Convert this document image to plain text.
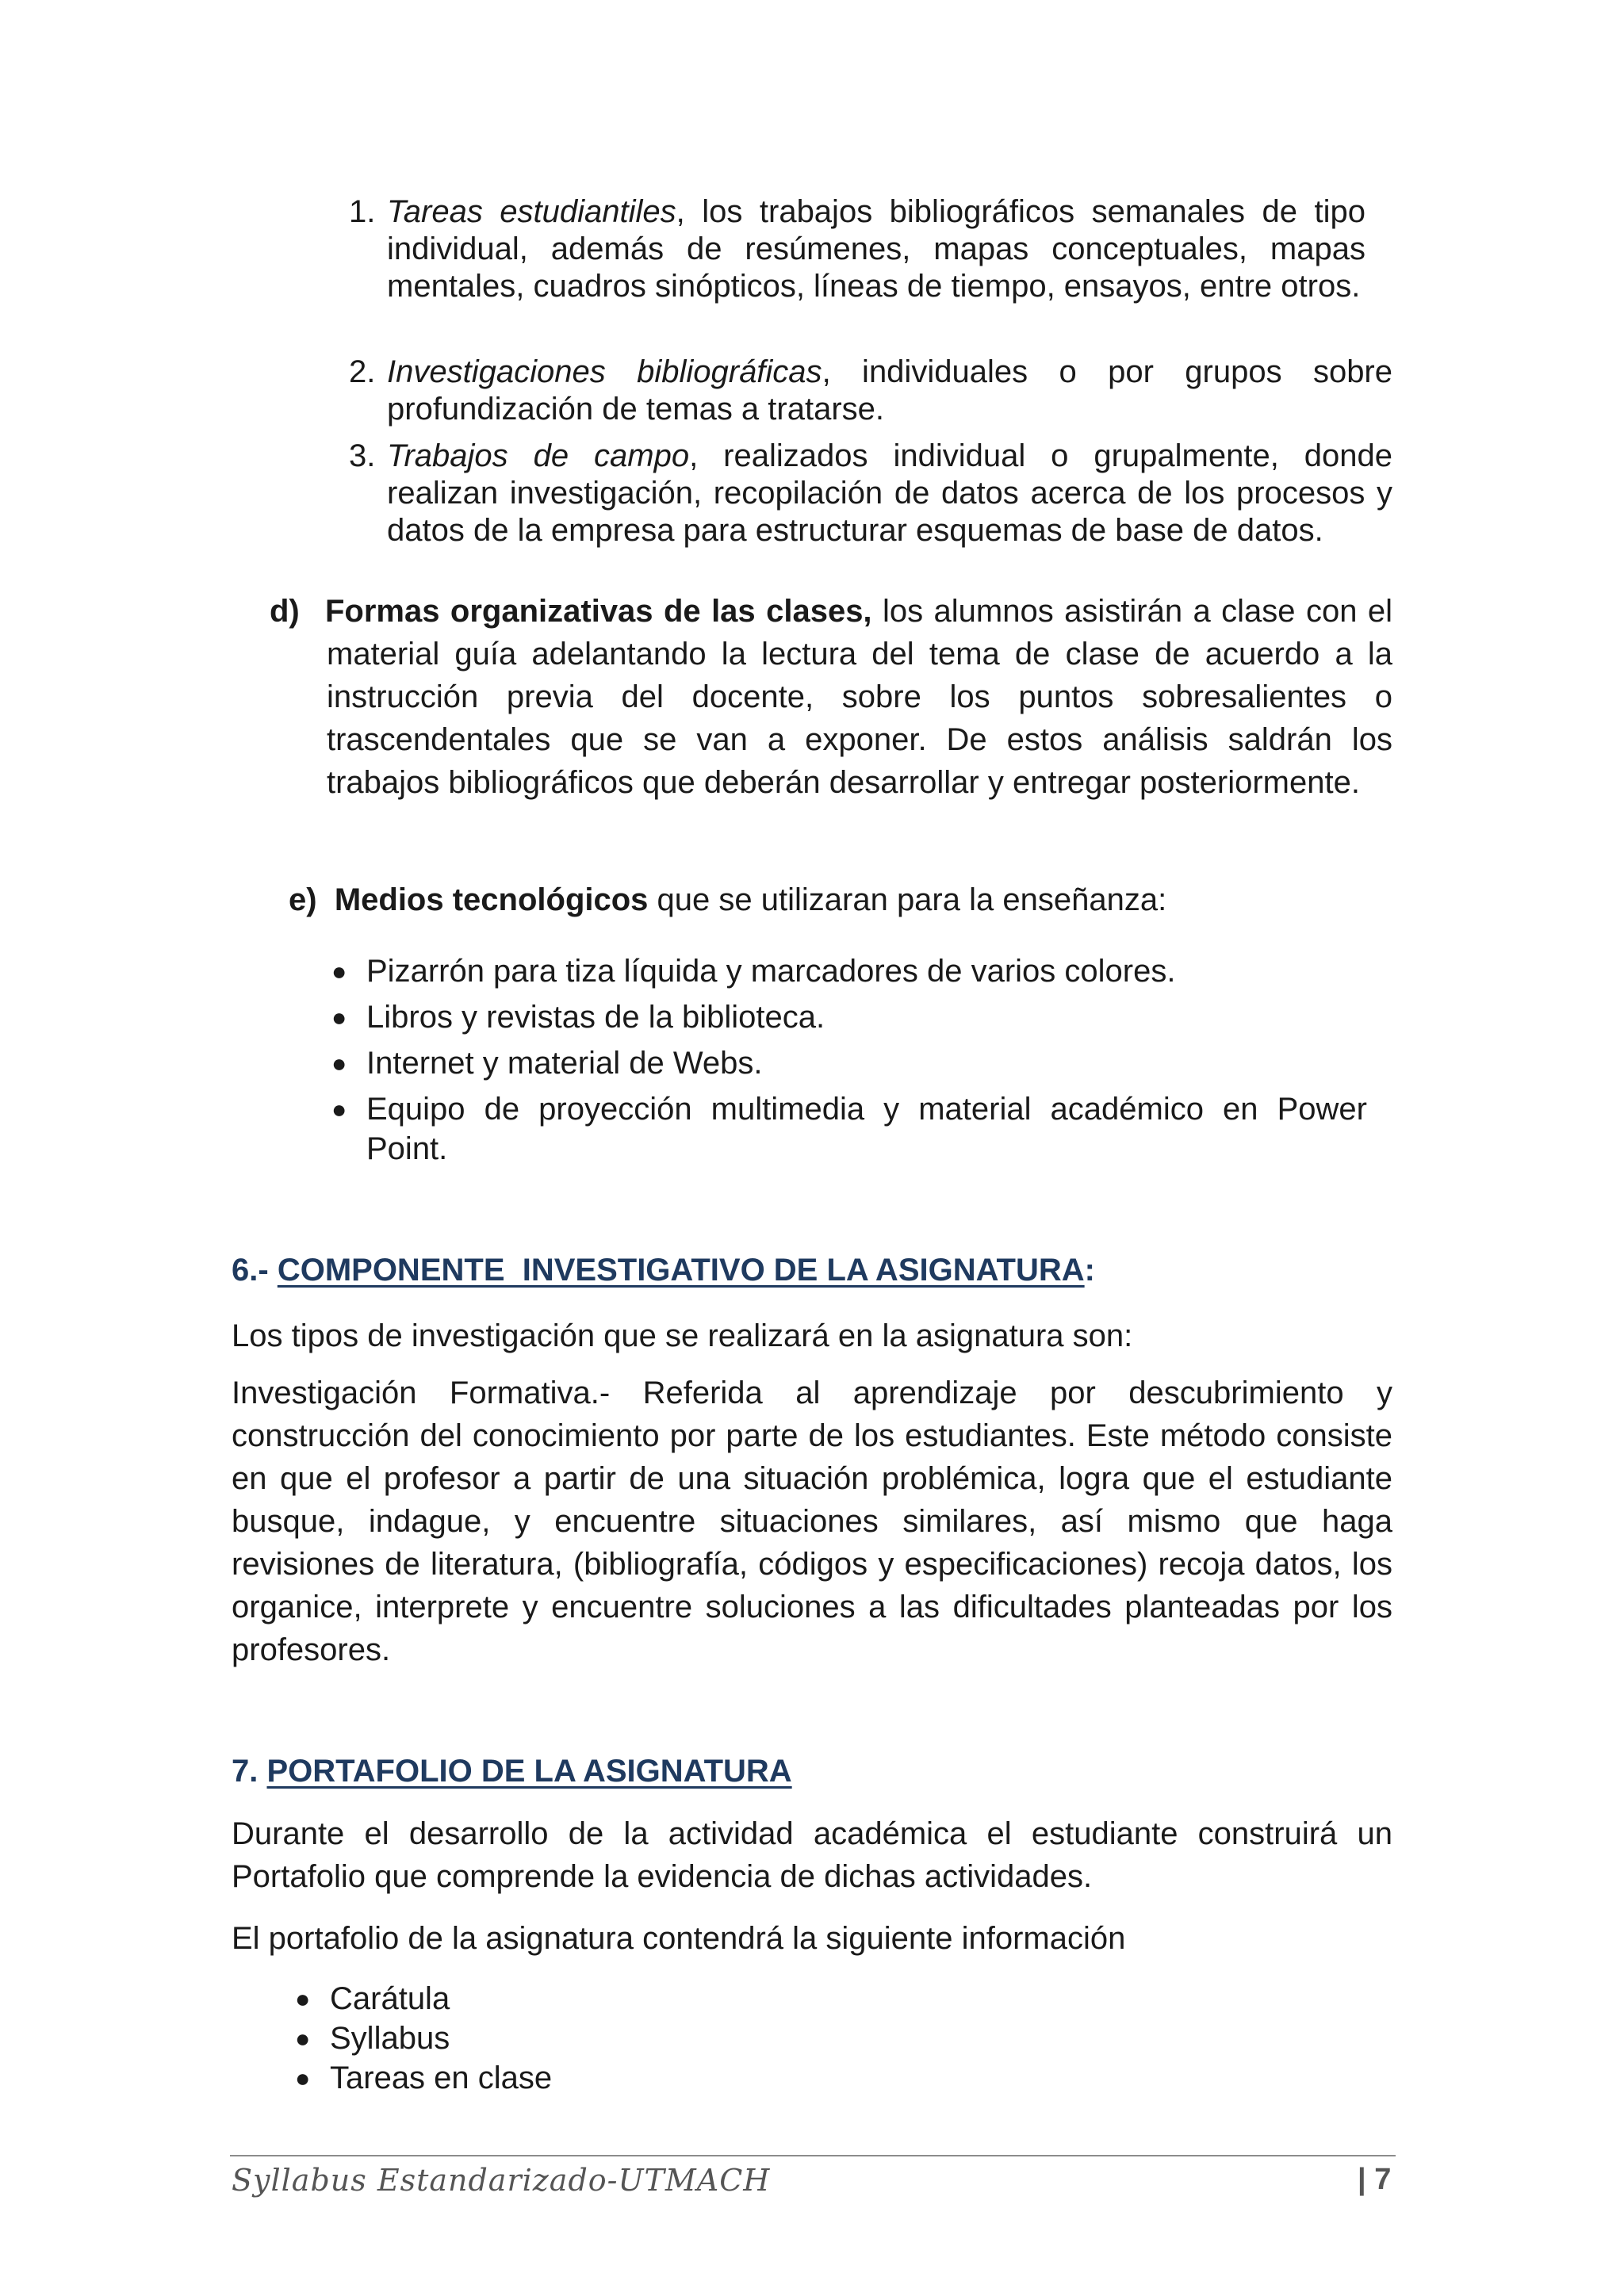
1. Tareas estudiantiles, los trabajos bibliográficos semanales de tipo individual, además de resúmenes, mapas conceptuales, mapas mentales, cuadros sinópticos, líneas de tiempo, ensayos, entre otros.
2. Investigaciones bibliográficas, individuales o por grupos sobre profundización de temas a tratarse.
3. Trabajos de campo, realizados individual o grupalmente, donde realizan investigación, recopilación de datos acerca de los procesos y datos de la empresa para estructurar esquemas de base de datos.
d) Formas organizativas de las clases, los alumnos asistirán a clase con el material guía adelantando la lectura del tema de clase de acuerdo a la instrucción previa del docente, sobre los puntos sobresalientes o trascendentales que se van a exponer. De estos análisis saldrán los trabajos bibliográficos que deberán desarrollar y entregar posteriormente.
e) Medios tecnológicos que se utilizaran para la enseñanza:
● Pizarrón para tiza líquida y marcadores de varios colores.
● Libros y revistas de la biblioteca.
● Internet y material de Webs.
● Equipo de proyección multimedia y material académico en Power Point.
6.- COMPONENTE  INVESTIGATIVO DE LA ASIGNATURA:

Los tipos de investigación que se realizará en la asignatura son:

Investigación Formativa.- Referida al aprendizaje por descubrimiento y construcción del conocimiento por parte de los estudiantes. Este método consiste en que el profesor a partir de una situación problémica, logra que el estudiante busque, indague, y encuentre situaciones similares, así mismo que haga revisiones de literatura, (bibliografía, códigos y especificaciones) recoja datos, los organice, interprete y encuentre soluciones a las dificultades planteadas por los profesores.

7. PORTAFOLIO DE LA ASIGNATURA

Durante el desarrollo de la actividad académica el estudiante construirá un Portafolio que comprende la evidencia de dichas actividades.

El portafolio de la asignatura contendrá la siguiente información

● Carátula
● Syllabus
● Tareas en clase
Syllabus Estandarizado-UTMACH	| 7
